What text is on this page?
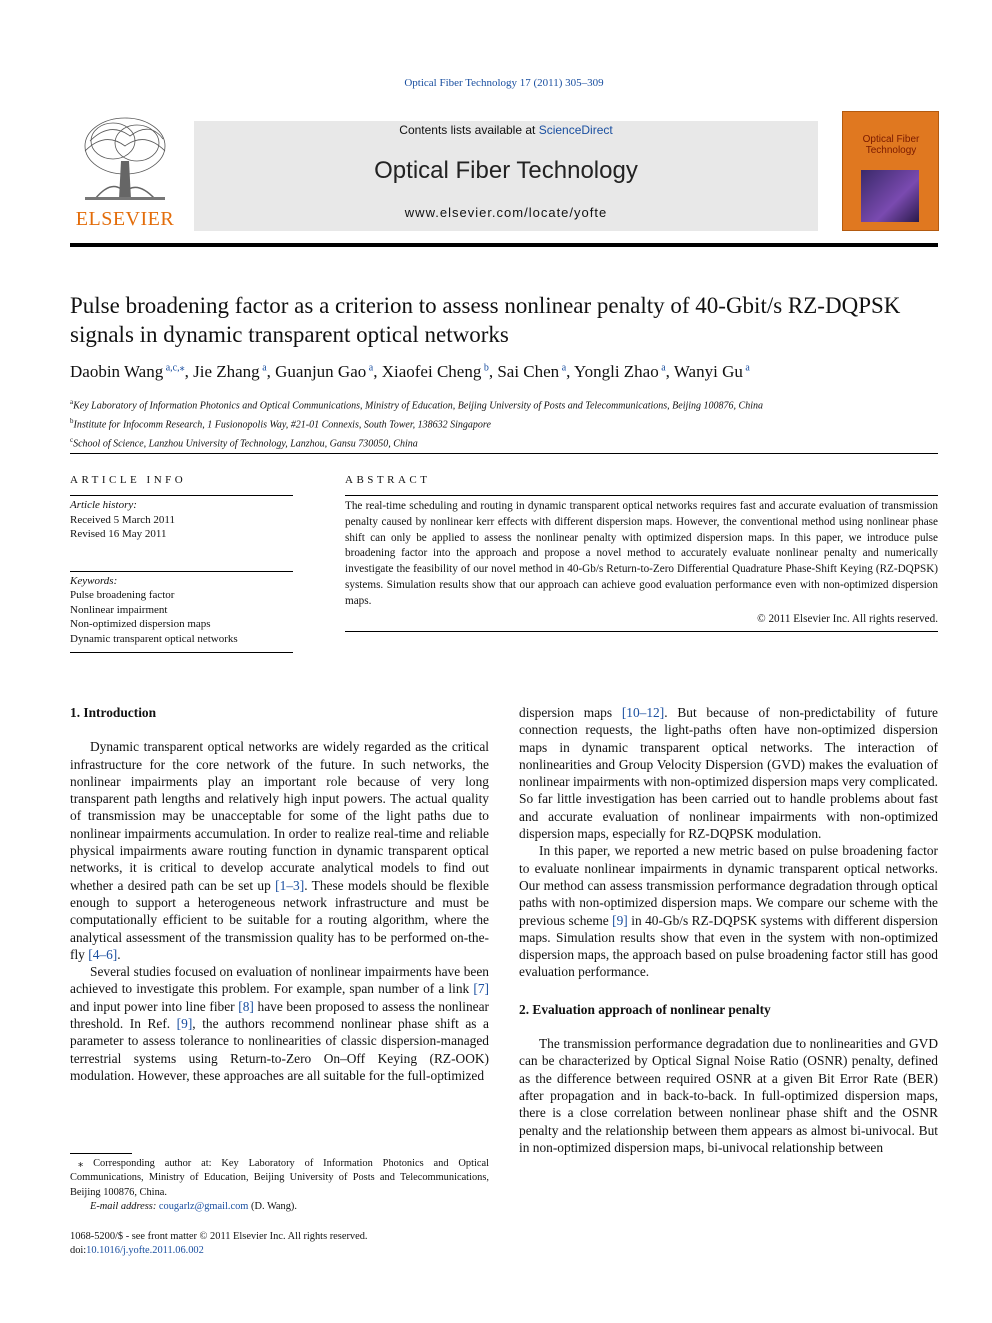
Optical Fiber Technology 17 (2011) 305–309
ELSEVIER
Contents lists available at ScienceDirect
Optical Fiber Technology
www.elsevier.com/locate/yofte
Optical Fiber Technology
Pulse broadening factor as a criterion to assess nonlinear penalty of 40-Gbit/s RZ-DQPSK signals in dynamic transparent optical networks
Daobin Wang $^{a,c,⁎}$, Jie Zhang $^a$, Guanjun Gao $^a$, Xiaofei Cheng $^b$, Sai Chen $^a$, Yongli Zhao $^a$, Wanyi Gu $^a$
$^a$Key Laboratory of Information Photonics and Optical Communications, Ministry of Education, Beijing University of Posts and Telecommunications, Beijing 100876, China
$^b$Institute for Infocomm Research, 1 Fusionopolis Way, #21-01 Connexis, South Tower, 138632 Singapore
$^c$School of Science, Lanzhou University of Technology, Lanzhou, Gansu 730050, China
ARTICLE INFO
Article history:
Received 5 March 2011
Revised 16 May 2011
Keywords:
Pulse broadening factor
Nonlinear impairment
Non-optimized dispersion maps
Dynamic transparent optical networks
ABSTRACT
The real-time scheduling and routing in dynamic transparent optical networks requires fast and accurate evaluation of transmission penalty caused by nonlinear kerr effects with different dispersion maps. However, the conventional method using nonlinear phase shift can only be applied to assess the nonlinear penalty with optimized dispersion maps. In this paper, we introduce pulse broadening factor into the approach and propose a novel method to accurately evaluate nonlinear penalty and numerically investigate the feasibility of our novel method in 40-Gb/s Return-to-Zero Differential Quadrature Phase-Shift Keying (RZ-DQPSK) systems. Simulation results show that our approach can achieve good evaluation performance even with non-optimized dispersion maps.
© 2011 Elsevier Inc. All rights reserved.
1. Introduction

Dynamic transparent optical networks are widely regarded as the critical infrastructure for the core network of the future. In such networks, the nonlinear impairments play an important role because of very long transparent path lengths and relatively high input powers. The actual quality of transmission may be unacceptable for some of the light paths due to nonlinear impairments accumulation. In order to realize real-time and reliable physical impairments aware routing function in dynamic transparent optical networks, it is critical to develop accurate analytical models to find out whether a desired path can be set up [1–3]. These models should be flexible enough to support a heterogeneous network infrastructure and must be computationally efficient to be suitable for a routing algorithm, where the analytical assessment of the transmission quality has to be performed on-the-fly [4–6].

Several studies focused on evaluation of nonlinear impairments have been achieved to investigate this problem. For example, span number of a link [7] and input power into line fiber [8] have been proposed to assess the nonlinear threshold. In Ref. [9], the authors recommend nonlinear phase shift as a parameter to assess tolerance to nonlinearities of classic dispersion-managed terrestrial systems using Return-to-Zero On–Off Keying (RZ-OOK) modulation. However, these approaches are all suitable for the full-optimized

dispersion maps [10–12]. But because of non-predictability of future connection requests, the light-paths often have non-optimized dispersion maps in dynamic transparent optical networks. The interaction of nonlinearities and Group Velocity Dispersion (GVD) makes the evaluation of nonlinear impairments with non-optimized dispersion maps very complicated. So far little investigation has been carried out to handle problems about fast and accurate evaluation of nonlinear impairments with non-optimized dispersion maps, especially for RZ-DQPSK modulation.

In this paper, we reported a new metric based on pulse broadening factor to evaluate nonlinear impairments in dynamic transparent optical networks. Our method can assess transmission performance degradation through optical paths with non-optimized dispersion maps. We compare our scheme with the previous scheme [9] in 40-Gb/s RZ-DQPSK systems with different dispersion maps. Simulation results show that even in the system with non-optimized dispersion maps, the approach based on pulse broadening factor still has good evaluation performance.

2. Evaluation approach of nonlinear penalty

The transmission performance degradation due to nonlinearities and GVD can be characterized by Optical Signal Noise Ratio (OSNR) penalty, defined as the difference between required OSNR at a given Bit Error Rate (BER) after propagation and in back-to-back. In full-optimized dispersion maps, there is a close correlation between nonlinear phase shift and the OSNR penalty and the relationship between them appears as almost bi-univocal. But in non-optimized dispersion maps, bi-univocal relationship between

⁎ Corresponding author at: Key Laboratory of Information Photonics and Optical Communications, Ministry of Education, Beijing University of Posts and Telecommunications, Beijing 100876, China.
E-mail address: cougarlz@gmail.com (D. Wang).
1068-5200/$ - see front matter © 2011 Elsevier Inc. All rights reserved.
doi:10.1016/j.yofte.2011.06.002
